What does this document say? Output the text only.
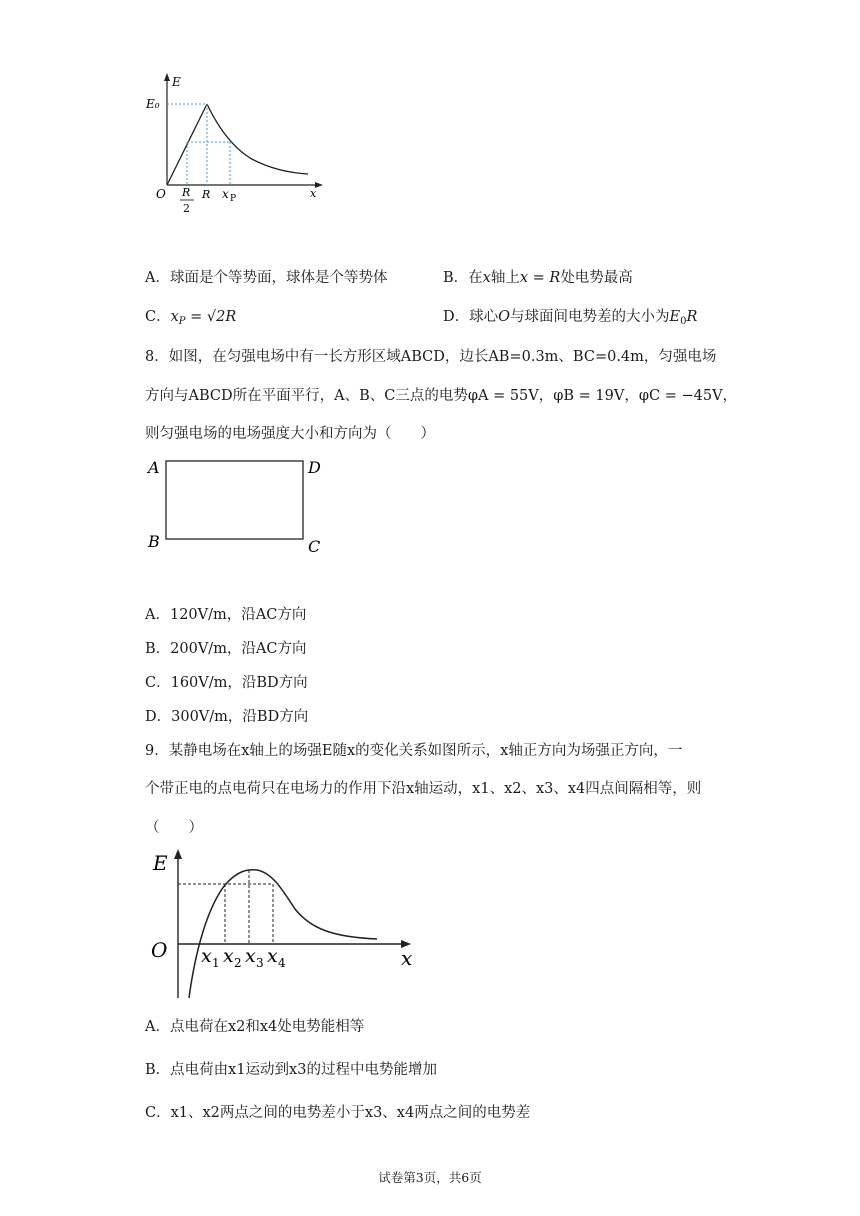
E
E₀
O R
2
R x P	x
A．球面是个等势面，球体是个等势体	B．在x轴上x = R处电势最高
C．$x_P = √2R$	D．球心O与球面间电势差的大小为$E_0R$
8．如图，在匀强电场中有一长方形区域ABCD，边长AB=0.3m、BC=0.4m，匀强电场
方向与ABCD所在平面平行，A、B、C三点的电势φA = 55V，φB = 19V，φC = −45V，
则匀强电场的电场强度大小和方向为（　　）
A	D
B	C
A．120V/m，沿AC方向
B．200V/m，沿AC方向
C．160V/m，沿BD方向
D．300V/m，沿BD方向
9．某静电场在x轴上的场强E随x的变化关系如图所示，x轴正方向为场强正方向，一
个带正电的点电荷只在电场力的作用下沿x轴运动，x1、x2、x3、x4四点间隔相等，则
（　　）
E
O	x
x 1 x 2 x 3 x 4
A．点电荷在x2和x4处电势能相等
B．点电荷由x1运动到x3的过程中电势能增加
C．x1、x2两点之间的电势差小于x3、x4两点之间的电势差
试卷第3页，共6页
